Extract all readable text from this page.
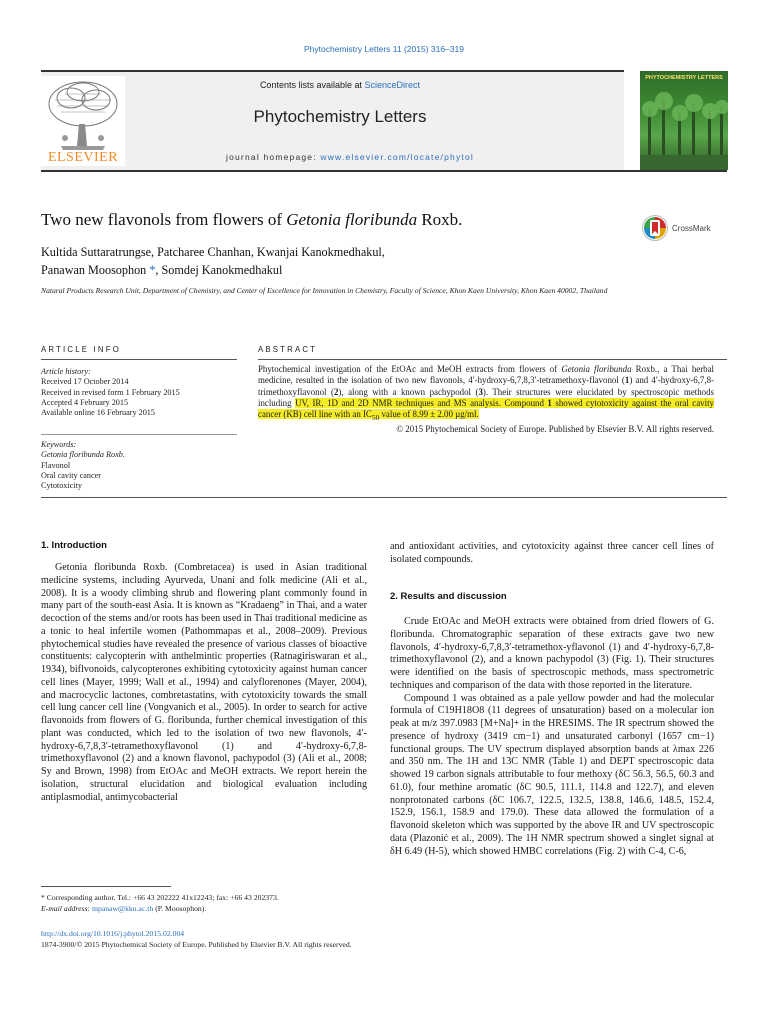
Phytochemistry Letters 11 (2015) 316–319
ELSEVIER
Contents lists available at ScienceDirect
Phytochemistry Letters
journal homepage: www.elsevier.com/locate/phytol
PHYTOCHEMISTRY LETTERS
Two new flavonols from flowers of Getonia floribunda Roxb.	CrossMark
Kultida Suttaratrungse, Patcharee Chanhan, Kwanjai Kanokmedhakul,
Panawan Moosophon *, Somdej Kanokmedhakul
Natural Products Research Unit, Department of Chemistry, and Center of Excellence for Innovation in Chemistry, Faculty of Science, Khon Kaen University, Khon Kaen 40002, Thailand
ARTICLE INFO	ABSTRACT
Article history:
Received 17 October 2014
Received in revised form 1 February 2015
Accepted 4 February 2015
Available online 16 February 2015
Keywords:
Getonia floribunda Roxb.
Flavonol
Oral cavity cancer
Cytotoxicity
Phytochemical investigation of the EtOAc and MeOH extracts from flowers of Getonia floribunda Roxb., a Thai herbal medicine, resulted in the isolation of two new flavonols, 4′-hydroxy-6,7,8,3′-tetramethoxy-flavonol (1) and 4′-hydroxy-6,7,8-trimethoxyflavonol (2), along with a known pachypodol (3). Their structures were elucidated by spectroscopic methods including UV, IR, 1D and 2D NMR techniques and MS analysis. Compound 1 showed cytotoxicity against the oral cavity cancer (KB) cell line with an $IC_{50}$ value of 8.99 ± 2.00 µg/ml.
© 2015 Phytochemical Society of Europe. Published by Elsevier B.V. All rights reserved.
1. Introduction

Getonia floribunda Roxb. (Combretacea) is used in Asian traditional medicine systems, including Ayurveda, Unani and folk medicine (Ali et al., 2008). It is a woody climbing shrub and flowering plant commonly found in many part of the south-east Asia. It is known as “Kradaeng” in Thai, and a water decoction of the stems and/or roots has been used in Thai traditional medicine as a tonic to heal infertile women (Pathommapas et al., 2008–2009). Previous phytochemical studies have revealed the presence of various classes of bioactive constituents: calycopterin with anthelmintic properties (Ratnagiriswaran et al., 1934), biflvonoids, calycopterones exhibiting cytotoxicity against human cancer cell lines (Mayer, 1999; Wall et al., 1994) and calyflorenones (Mayer, 2004), and macrocyclic lactones, combretastatins, with cytotoxicity towards the small cell lung cancer cell line (Vongvanich et al., 2005). In order to search for active flavonoids from flowers of G. floribunda, further chemical investigation of this plant was conducted, which led to the isolation of two new flavonols, 4′-hydroxy-6,7,8,3′-tetramethoxyflavonol (1) and 4′-hydroxy-6,7,8-trimethoxyflavonol (2) and a known flavonol, pachypodol (3) (Ali et al., 2008; Sy and Brown, 1998) from EtOAc and MeOH extracts. We report herein the isolation, structural elucidation and biological evaluation including antiplasmodial, antimycobacterial

and antioxidant activities, and cytotoxicity against three cancer cell lines of isolated compounds.

2. Results and discussion

Crude EtOAc and MeOH extracts were obtained from dried flowers of G. floribunda. Chromatographic separation of these extracts gave two new flavonols, 4′-hydroxy-6,7,8,3′-tetramethox-yflavonol (1) and 4′-hydroxy-6,7,8-trimethoxyflavonol (2), and a known pachypodol (3) (Fig. 1). Their structures were identified on the basis of spectroscopic methods, mass spectrometric techniques and comparison of the data with those reported in the literature.

Compound 1 was obtained as a pale yellow powder and had the molecular formula of C19H18O8 (11 degrees of unsaturation) based on a molecular ion peak at m/z 397.0983 [M+Na]+ in the HRESIMS. The IR spectrum showed the presence of hydroxy (3419 cm−1) and unsaturated carbonyl (1657 cm−1) functional groups. The UV spectrum displayed absorption bands at λmax 226 and 350 nm. The 1H and 13C NMR (Table 1) and DEPT spectroscopic data showed 19 carbon signals attributable to four methoxy (δC 56.3, 56.5, 60.3 and 61.0), four methine aromatic (δC 90.5, 111.1, 114.8 and 122.7), and eleven nonprotonated carbons (δC 106.7, 122.5, 132.5, 138.8, 146.6, 148.5, 152.4, 152.9, 156.1, 158.9 and 179.0). These data allowed the formulation of a flavonoid skeleton which was supported by the above IR and UV spectroscopic data (Plazonić et al., 2009). The 1H NMR spectrum showed a singlet signal at δH 6.49 (H-5), which showed HMBC correlations (Fig. 2) with C-4, C-6,

* Corresponding author. Tel.: +66 43 202222 41x12243; fax: +66 43 202373.
E-mail address: mpanaw@kku.ac.th (P. Moosophon).
http://dx.doi.org/10.1016/j.phytol.2015.02.004
1874-3900/© 2015 Phytochemical Society of Europe. Published by Elsevier B.V. All rights reserved.
